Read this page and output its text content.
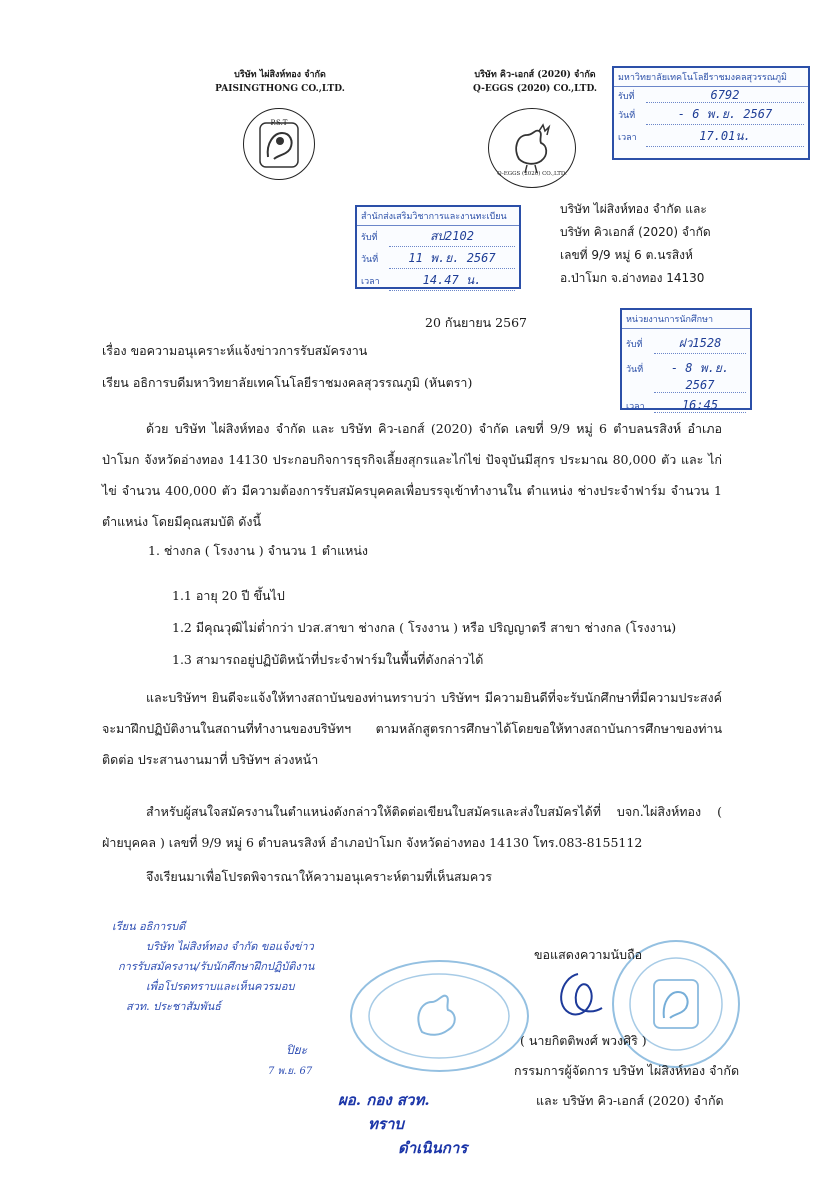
บริษัท ไผ่สิงห์ทอง จำกัด
PAISINGTHONG CO.,LTD.
P.S.T
บริษัท คิว-เอกส์ (2020) จำกัด
Q-EGGS (2020) CO.,LTD.
Q-EGGS (2020) CO.,LTD.
มหาวิทยาลัยเทคโนโลยีราชมงคลสุวรรณภูมิ
รับที่	6792
วันที่	- 6 พ.ย. 2567
เวลา	17.01น.
สำนักส่งเสริมวิชาการและงานทะเบียน
รับที่	สป2102
วันที่	11 พ.ย. 2567
เวลา	14.47 น.
บริษัท ไผ่สิงห์ทอง จำกัด และ
บริษัท คิวเอกส์ (2020) จำกัด
เลขที่ 9/9 หมู่ 6 ต.นรสิงห์
อ.ป่าโมก จ.อ่างทอง 14130
หน่วยงานการนักศึกษา
รับที่	ฝว1528
วันที่	- 8 พ.ย. 2567
เวลา	16:45
20 กันยายน 2567
เรื่อง ขอความอนุเคราะห์แจ้งข่าวการรับสมัครงาน
เรียน อธิการบดีมหาวิทยาลัยเทคโนโลยีราชมงคลสุวรรณภูมิ (หันตรา)
ด้วย บริษัท ไผ่สิงห์ทอง จำกัด และ บริษัท คิว-เอกส์ (2020) จำกัด เลขที่ 9/9 หมู่ 6 ตำบลนรสิงห์ อำเภอป่าโมก จังหวัดอ่างทอง 14130 ประกอบกิจการธุรกิจเลี้ยงสุกรและไก่ไข่ ปัจจุบันมีสุกร ประมาณ 80,000 ตัว และ ไก่ไข่ จำนวน 400,000 ตัว มีความต้องการรับสมัครบุคคลเพื่อบรรจุเข้าทำงานใน ตำแหน่ง ช่างประจำฟาร์ม จำนวน 1 ตำแหน่ง โดยมีคุณสมบัติ ดังนี้
1. ช่างกล ( โรงงาน ) จำนวน 1 ตำแหน่ง
1.1 อายุ 20 ปี ขึ้นไป
1.2 มีคุณวุฒิไม่ต่ำกว่า ปวส.สาขา ช่างกล ( โรงงาน ) หรือ ปริญญาตรี สาขา ช่างกล (โรงงาน)
1.3 สามารถอยู่ปฏิบัติหน้าที่ประจำฟาร์มในพื้นที่ดังกล่าวได้
และบริษัทฯ ยินดีจะแจ้งให้ทางสถาบันของท่านทราบว่า บริษัทฯ มีความยินดีที่จะรับนักศึกษาที่มีความประสงค์ จะมาฝึกปฏิบัติงานในสถานที่ทำงานของบริษัทฯ ตามหลักสูตรการศึกษาได้โดยขอให้ทางสถาบันการศึกษาของท่านติดต่อ ประสานงานมาที่ บริษัทฯ ล่วงหน้า
สำหรับผู้สนใจสมัครงานในตำแหน่งดังกล่าวให้ติดต่อเขียนใบสมัครและส่งใบสมัครได้ที่ บจก.ไผ่สิงห์ทอง ( ฝ่ายบุคคล ) เลขที่ 9/9 หมู่ 6 ตำบลนรสิงห์ อำเภอป่าโมก จังหวัดอ่างทอง 14130 โทร.083-8155112
จึงเรียนมาเพื่อโปรดพิจารณาให้ความอนุเคราะห์ตามที่เห็นสมควร
เรียน อธิการบดี
บริษัท ไผ่สิงห์ทอง จำกัด ขอแจ้งข่าว
การรับสมัครงาน/รับนักศึกษาฝึกปฏิบัติงาน
เพื่อโปรดทราบและเห็นควรมอบ
สวท. ประชาสัมพันธ์
ปิยะ
7 พ.ย. 67
ขอแสดงความนับถือ
( นายกิตติพงศ์ พวงศิริ )
กรรมการผู้จัดการ บริษัท ไผ่สิงห์ทอง จำกัด
และ บริษัท คิว-เอกส์ (2020) จำกัด
ผอ. กอง สวท.
ทราบ
ดำเนินการ
